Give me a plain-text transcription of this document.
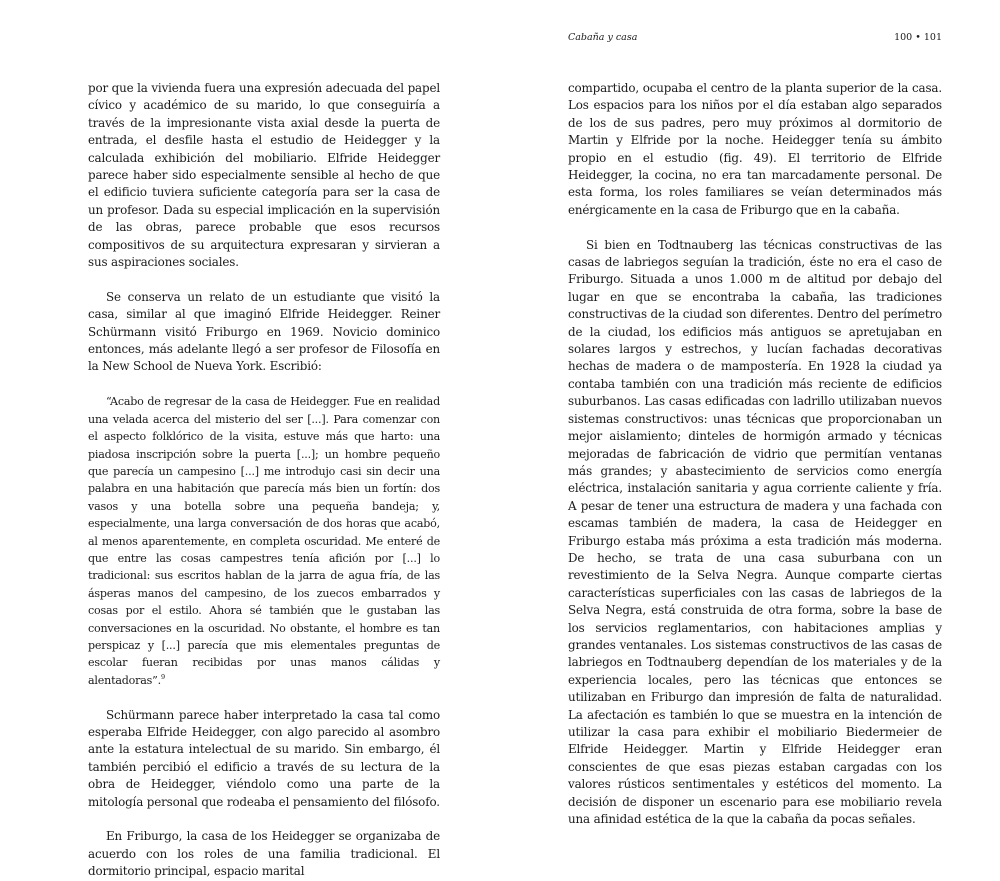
por que la vivienda fuera una expresión adecuada del papel cívico y académico de su marido, lo que conseguiría a través de la impresionante vista axial desde la puerta de entrada, el desfile hasta el estudio de Heidegger y la calculada exhibición del mobiliario. Elfride Heidegger parece haber sido especialmente sensible al hecho de que el edificio tuviera suficiente categoría para ser la casa de un profesor. Dada su especial implicación en la supervisión de las obras, parece probable que esos recursos compositivos de su arquitectura expresaran y sirvieran a sus aspiraciones sociales.

Se conserva un relato de un estudiante que visitó la casa, similar al que imaginó Elfride Heidegger. Reiner Schürmann visitó Friburgo en 1969. Novicio dominico entonces, más adelante llegó a ser profesor de Filosofía en la New School de Nueva York. Escribió:

“Acabo de regresar de la casa de Heidegger. Fue en realidad una velada acerca del misterio del ser [...]. Para comenzar con el aspecto folklórico de la visita, estuve más que harto: una piadosa inscripción sobre la puerta [...]; un hombre pequeño que parecía un campesino [...] me introdujo casi sin decir una palabra en una habitación que parecía más bien un fortín: dos vasos y una botella sobre una pequeña bandeja; y, especialmente, una larga conversación de dos horas que acabó, al menos aparentemente, en completa oscuridad. Me enteré de que entre las cosas campestres tenía afición por [...] lo tradicional: sus escritos hablan de la jarra de agua fría, de las ásperas manos del campesino, de los zuecos embarrados y cosas por el estilo. Ahora sé también que le gustaban las conversaciones en la oscuridad. No obstante, el hombre es tan perspicaz y [...] parecía que mis elementales preguntas de escolar fueran recibidas por unas manos cálidas y alentadoras”.$^9$

Schürmann parece haber interpretado la casa tal como esperaba Elfride Heidegger, con algo parecido al asombro ante la estatura intelectual de su marido. Sin embargo, él también percibió el edificio a través de su lectura de la obra de Heidegger, viéndolo como una parte de la mitología personal que rodeaba el pensamiento del filósofo.

En Friburgo, la casa de los Heidegger se organizaba de acuerdo con los roles de una familia tradicional. El dormitorio principal, espacio marital

Cabaña y casa	100 • 101

compartido, ocupaba el centro de la planta superior de la casa. Los espacios para los niños por el día estaban algo separados de los de sus padres, pero muy próximos al dormitorio de Martin y Elfride por la noche. Heidegger tenía su ámbito propio en el estudio (fig. 49). El territorio de Elfride Heidegger, la cocina, no era tan marcadamente personal. De esta forma, los roles familiares se veían determinados más enérgicamente en la casa de Friburgo que en la cabaña.

Si bien en Todtnauberg las técnicas constructivas de las casas de labriegos seguían la tradición, éste no era el caso de Friburgo. Situada a unos 1.000 m de altitud por debajo del lugar en que se encontraba la cabaña, las tradiciones constructivas de la ciudad son diferentes. Dentro del perímetro de la ciudad, los edificios más antiguos se apretujaban en solares largos y estrechos, y lucían fachadas decorativas hechas de madera o de mampostería. En 1928 la ciudad ya contaba también con una tradición más reciente de edificios suburbanos. Las casas edificadas con ladrillo utilizaban nuevos sistemas constructivos: unas técnicas que proporcionaban un mejor aislamiento; dinteles de hormigón armado y técnicas mejoradas de fabricación de vidrio que permitían ventanas más grandes; y abastecimiento de servicios como energía eléctrica, instalación sanitaria y agua corriente caliente y fría. A pesar de tener una estructura de madera y una fachada con escamas también de madera, la casa de Heidegger en Friburgo estaba más próxima a esta tradición más moderna. De hecho, se trata de una casa suburbana con un revestimiento de la Selva Negra. Aunque comparte ciertas características superficiales con las casas de labriegos de la Selva Negra, está construida de otra forma, sobre la base de los servicios reglamentarios, con habitaciones amplias y grandes ventanales. Los sistemas constructivos de las casas de labriegos en Todtnauberg dependían de los materiales y de la experiencia locales, pero las técnicas que entonces se utilizaban en Friburgo dan impresión de falta de naturalidad. La afectación es también lo que se muestra en la intención de utilizar la casa para exhibir el mobiliario Biedermeier de Elfride Heidegger. Martin y Elfride Heidegger eran conscientes de que esas piezas estaban cargadas con los valores rústicos sentimentales y estéticos del momento. La decisión de disponer un escenario para ese mobiliario revela una afinidad estética de la que la cabaña da pocas señales.
